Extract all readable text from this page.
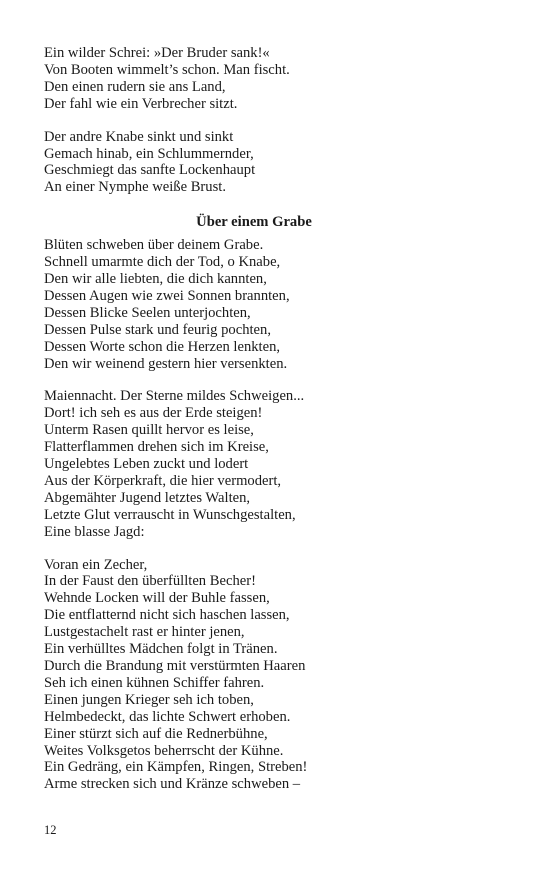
Ein wilder Schrei: »Der Bruder sank!«
Von Booten wimmelt’s schon. Man fischt.
Den einen rudern sie ans Land,
Der fahl wie ein Verbrecher sitzt.
Der andre Knabe sinkt und sinkt
Gemach hinab, ein Schlummernder,
Geschmiegt das sanfte Lockenhaupt
An einer Nymphe weiße Brust.
Über einem Grabe
Blüten schweben über deinem Grabe.
Schnell umarmte dich der Tod, o Knabe,
Den wir alle liebten, die dich kannten,
Dessen Augen wie zwei Sonnen brannten,
Dessen Blicke Seelen unterjochten,
Dessen Pulse stark und feurig pochten,
Dessen Worte schon die Herzen lenkten,
Den wir weinend gestern hier versenkten.
Maiennacht. Der Sterne mildes Schweigen...
Dort! ich seh es aus der Erde steigen!
Unterm Rasen quillt hervor es leise,
Flatterflammen drehen sich im Kreise,
Ungelebtes Leben zuckt und lodert
Aus der Körperkraft, die hier vermodert,
Abgemähter Jugend letztes Walten,
Letzte Glut verrauscht in Wunschgestalten,
Eine blasse Jagd:
Voran ein Zecher,
In der Faust den überfüllten Becher!
Wehnde Locken will der Buhle fassen,
Die entflatternd nicht sich haschen lassen,
Lustgestachelt rast er hinter jenen,
Ein verhülltes Mädchen folgt in Tränen.
Durch die Brandung mit verstürmten Haaren
Seh ich einen kühnen Schiffer fahren.
Einen jungen Krieger seh ich toben,
Helmbedeckt, das lichte Schwert erhoben.
Einer stürzt sich auf die Rednerbühne,
Weites Volksgetos beherrscht der Kühne.
Ein Gedräng, ein Kämpfen, Ringen, Streben!
Arme strecken sich und Kränze schweben –
12
